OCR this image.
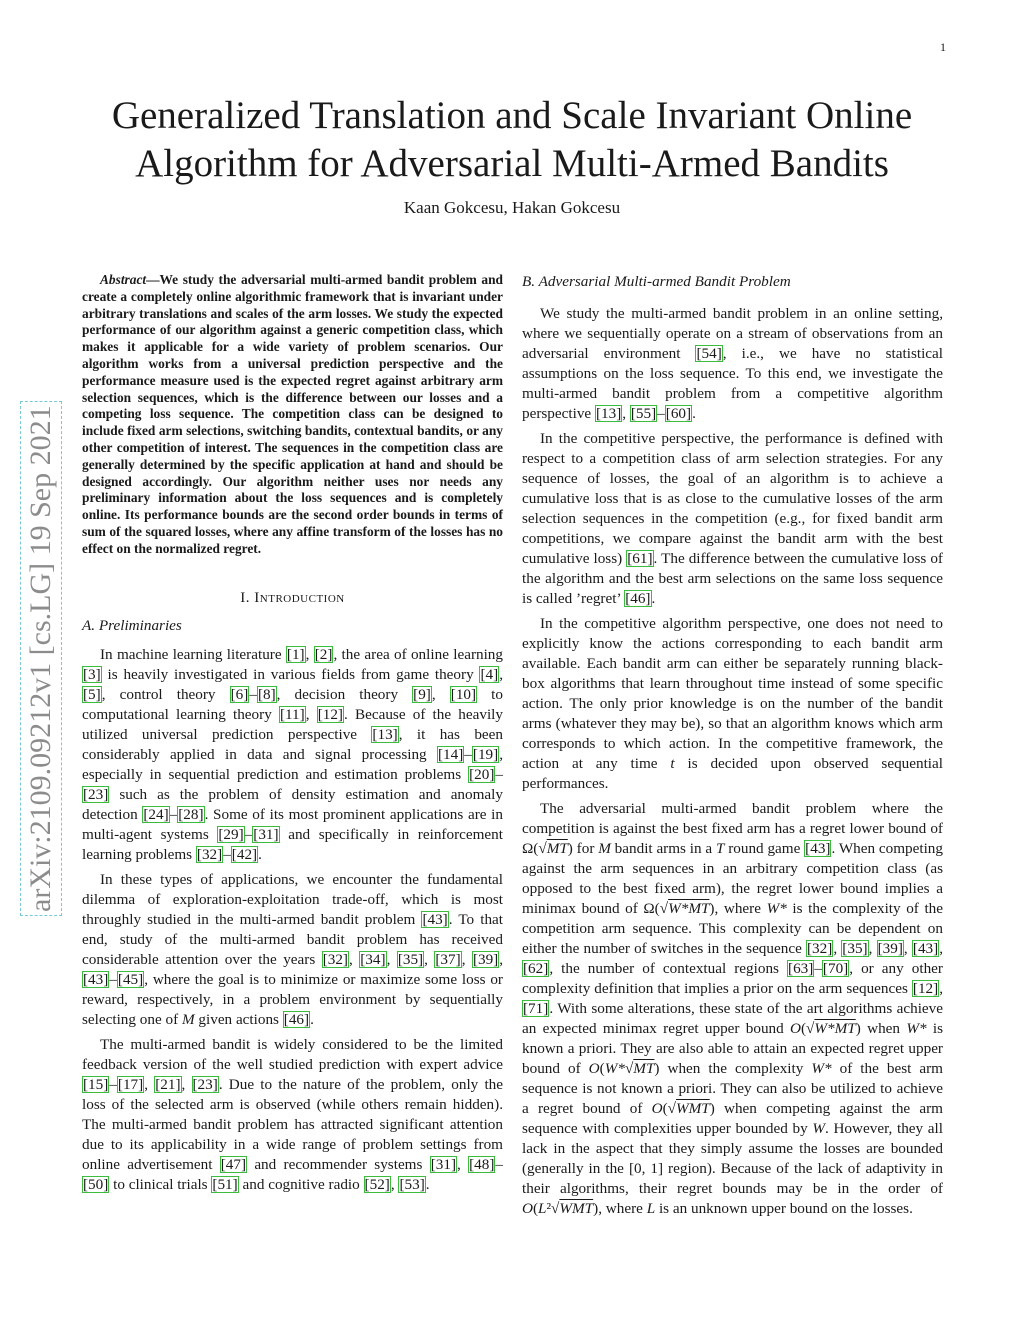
1
arXiv:2109.09212v1 [cs.LG] 19 Sep 2021
Generalized Translation and Scale Invariant Online Algorithm for Adversarial Multi-Armed Bandits
Kaan Gokcesu, Hakan Gokcesu

Abstract—We study the adversarial multi-armed bandit problem and create a completely online algorithmic framework that is invariant under arbitrary translations and scales of the arm losses. We study the expected performance of our algorithm against a generic competition class, which makes it applicable for a wide variety of problem scenarios. Our algorithm works from a universal prediction perspective and the performance measure used is the expected regret against arbitrary arm selection sequences, which is the difference between our losses and a competing loss sequence. The competition class can be designed to include fixed arm selections, switching bandits, contextual bandits, or any other competition of interest. The sequences in the competition class are generally determined by the specific application at hand and should be designed accordingly. Our algorithm neither uses nor needs any preliminary information about the loss sequences and is completely online. Its performance bounds are the second order bounds in terms of sum of the squared losses, where any affine transform of the losses has no effect on the normalized regret.

I. Introduction
A. Preliminaries

In machine learning literature [1], [2], the area of online learning [3] is heavily investigated in various fields from game theory [4], [5], control theory [6]–[8], decision theory [9], [10] to computational learning theory [11], [12]. Because of the heavily utilized universal prediction perspective [13], it has been considerably applied in data and signal processing [14]–[19], especially in sequential prediction and estimation problems [20]–[23] such as the problem of density estimation and anomaly detection [24]–[28]. Some of its most prominent applications are in multi-agent systems [29]–[31] and specifically in reinforcement learning problems [32]–[42].

In these types of applications, we encounter the fundamental dilemma of exploration-exploitation trade-off, which is most throughly studied in the multi-armed bandit problem [43]. To that end, study of the multi-armed bandit problem has received considerable attention over the years [32], [34], [35], [37], [39], [43]–[45], where the goal is to minimize or maximize some loss or reward, respectively, in a problem environment by sequentially selecting one of M given actions [46].

The multi-armed bandit is widely considered to be the limited feedback version of the well studied prediction with expert advice [15]–[17], [21], [23]. Due to the nature of the problem, only the loss of the selected arm is observed (while others remain hidden). The multi-armed bandit problem has attracted significant attention due to its applicability in a wide range of problem settings from online advertisement [47] and recommender systems [31], [48]–[50] to clinical trials [51] and cognitive radio [52], [53].

B. Adversarial Multi-armed Bandit Problem

We study the multi-armed bandit problem in an online setting, where we sequentially operate on a stream of observations from an adversarial environment [54], i.e., we have no statistical assumptions on the loss sequence. To this end, we investigate the multi-armed bandit problem from a competitive algorithm perspective [13], [55]–[60].

In the competitive perspective, the performance is defined with respect to a competition class of arm selection strategies. For any sequence of losses, the goal of an algorithm is to achieve a cumulative loss that is as close to the cumulative losses of the arm selection sequences in the competition (e.g., for fixed bandit arm competitions, we compare against the bandit arm with the best cumulative loss) [61]. The difference between the cumulative loss of the algorithm and the best arm selections on the same loss sequence is called ’regret’ [46].

In the competitive algorithm perspective, one does not need to explicitly know the actions corresponding to each bandit arm available. Each bandit arm can either be separately running black-box algorithms that learn throughout time instead of some specific action. The only prior knowledge is on the number of the bandit arms (whatever they may be), so that an algorithm knows which arm corresponds to which action. In the competitive framework, the action at any time t is decided upon observed sequential performances.

The adversarial multi-armed bandit problem where the competition is against the best fixed arm has a regret lower bound of Ω(√MT) for M bandit arms in a T round game [43]. When competing against the arm sequences in an arbitrary competition class (as opposed to the best fixed arm), the regret lower bound implies a minimax bound of Ω(√W*MT), where W* is the complexity of the competition arm sequence. This complexity can be dependent on either the number of switches in the sequence [32], [35], [39], [43], [62], the number of contextual regions [63]–[70], or any other complexity definition that implies a prior on the arm sequences [12], [71]. With some alterations, these state of the art algorithms achieve an expected minimax regret upper bound O(√W*MT) when W* is known a priori. They are also able to attain an expected regret upper bound of O(W*√MT) when the complexity W* of the best arm sequence is not known a priori. They can also be utilized to achieve a regret bound of O(√WMT) when competing against the arm sequence with complexities upper bounded by W. However, they all lack in the aspect that they simply assume the losses are bounded (generally in the [0, 1] region). Because of the lack of adaptivity in their algorithms, their regret bounds may be in the order of O(L²√WMT), where L is an unknown upper bound on the losses.
